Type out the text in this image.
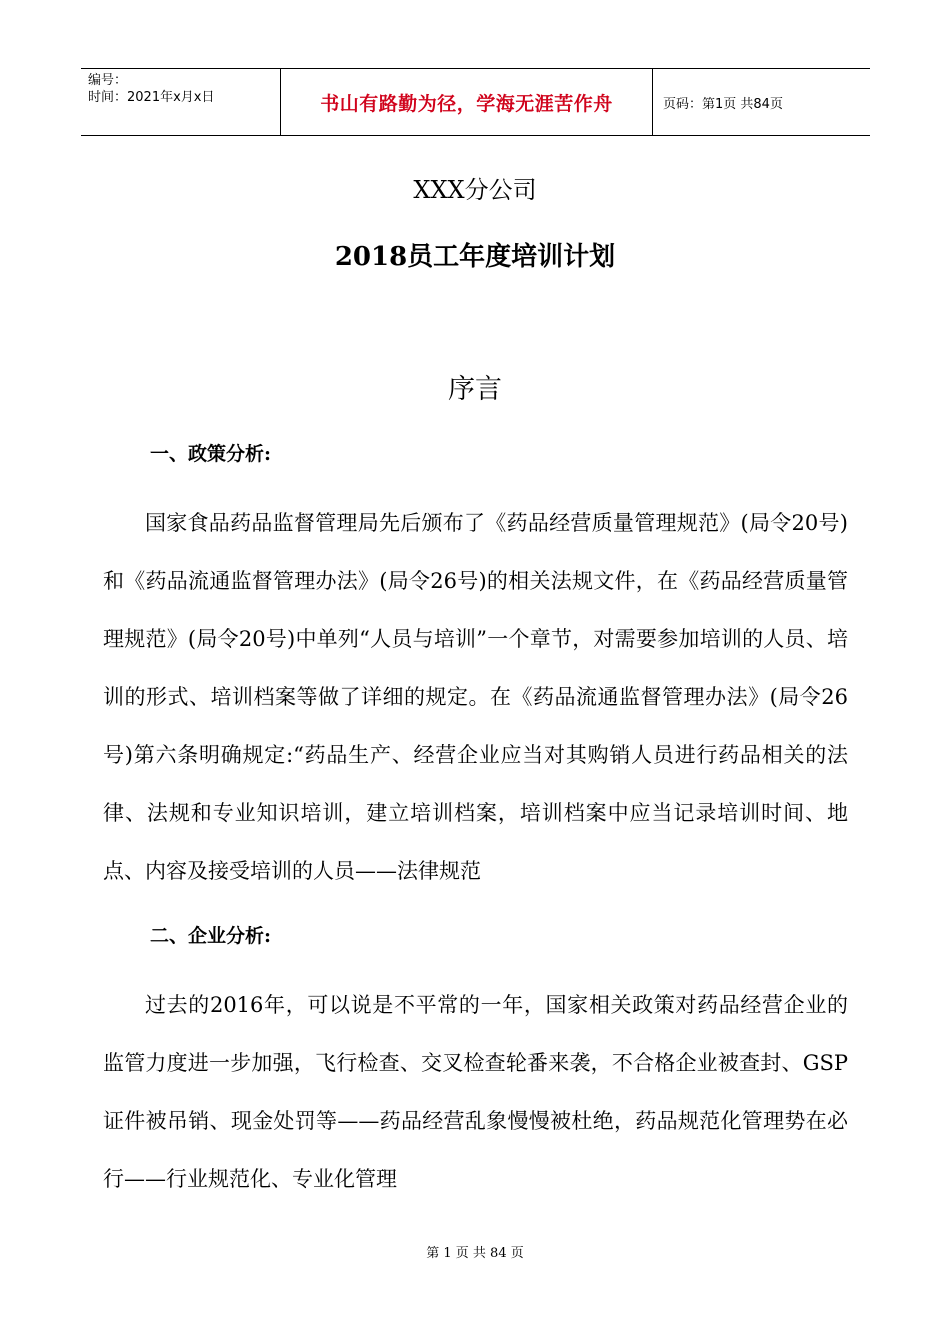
编号：
时间：2021年x月x日	书山有路勤为径，学海无涯苦作舟	页码：第1页 共84页
XXX分公司
2018员工年度培训计划
序言
一、政策分析:

国家食品药品监督管理局先后颁布了《药品经营质量管理规范》(局令20号)和《药品流通监督管理办法》(局令26号)的相关法规文件，在《药品经营质量管理规范》(局令20号)中单列“人员与培训”一个章节，对需要参加培训的人员、培训的形式、培训档案等做了详细的规定。在《药品流通监督管理办法》(局令26号)第六条明确规定:“药品生产、经营企业应当对其购销人员进行药品相关的法律、法规和专业知识培训，建立培训档案，培训档案中应当记录培训时间、地点、内容及接受培训的人员——法律规范

二、企业分析:

过去的2016年，可以说是不平常的一年，国家相关政策对药品经营企业的监管力度进一步加强，飞行检查、交叉检查轮番来袭，不合格企业被查封、GSP证件被吊销、现金处罚等——药品经营乱象慢慢被杜绝，药品规范化管理势在必行——行业规范化、专业化管理

第 1 页 共 84 页
